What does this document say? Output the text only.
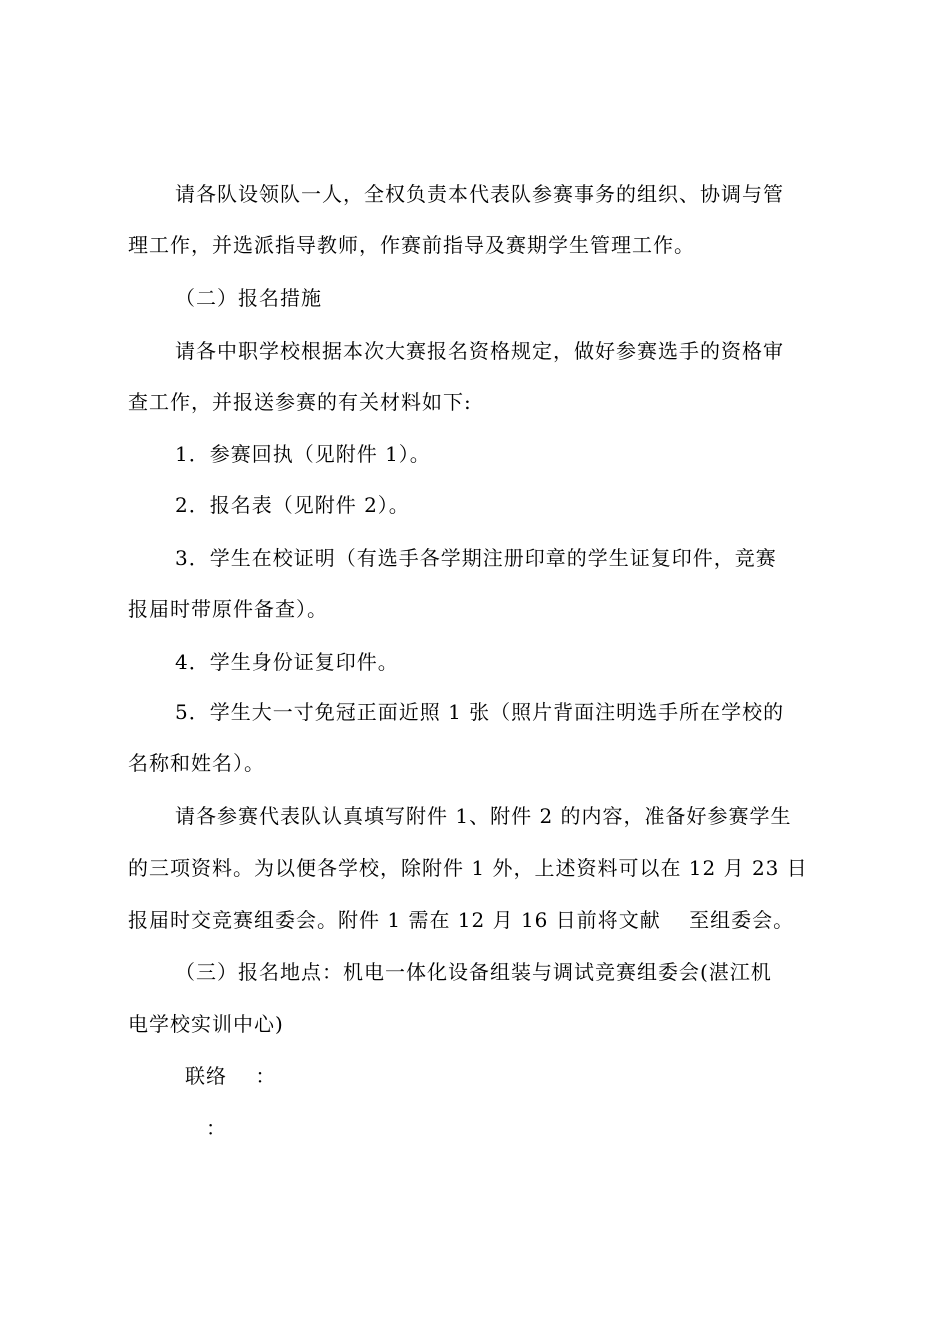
请各队设领队一人，全权负责本代表队参赛事务的组织、协调与管
理工作，并选派指导教师，作赛前指导及赛期学生管理工作。
（二）报名措施
请各中职学校根据本次大赛报名资格规定，做好参赛选手的资格审
查工作，并报送参赛的有关材料如下:
1．参赛回执（见附件 1）。
2．报名表（见附件 2）。
3．学生在校证明（有选手各学期注册印章的学生证复印件，竞赛
报届时带原件备查）。
4．学生身份证复印件。
5．学生大一寸免冠正面近照 1 张（照片背面注明选手所在学校的
名称和姓名）。
请各参赛代表队认真填写附件 1、附件 2 的内容，准备好参赛学生
的三项资料。为以便各学校，除附件 1 外，上述资料可以在 12 月 23 日
报届时交竞赛组委会。附件 1 需在 12 月 16 日前将文献　 至组委会。
（三）报名地点：机电一体化设备组装与调试竞赛组委会(湛江机
电学校实训中心)
联络　 ：
：
